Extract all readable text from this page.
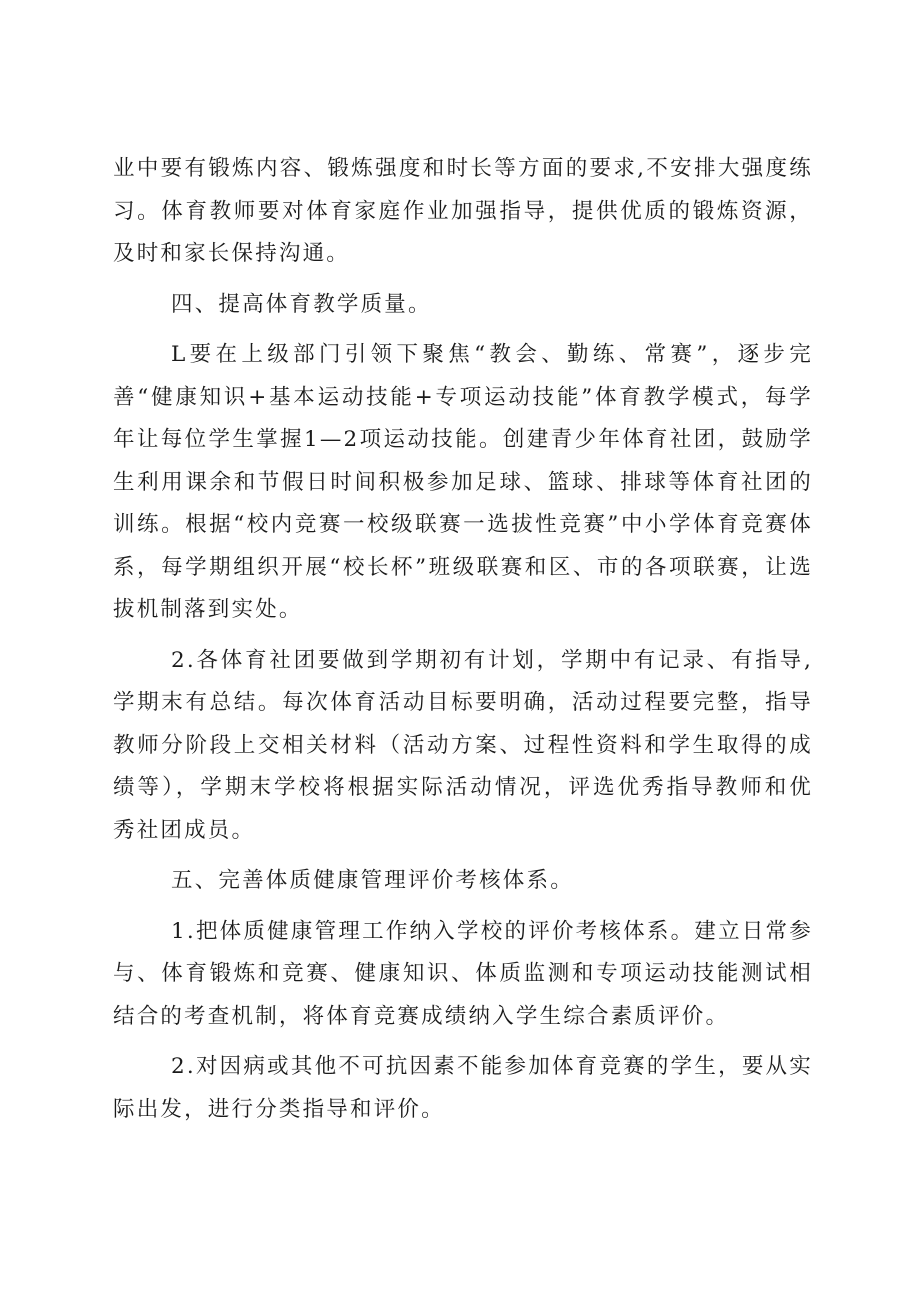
业中要有锻炼内容、锻炼强度和时长等方面的要求,不安排大强度练习。体育教师要对体育家庭作业加强指导，提供优质的锻炼资源，及时和家长保持沟通。

四、提高体育教学质量。

L要在上级部门引领下聚焦“教会、勤练、常赛”，逐步完善“健康知识+基本运动技能+专项运动技能”体育教学模式，每学年让每位学生掌握1—2项运动技能。创建青少年体育社团，鼓励学生利用课余和节假日时间积极参加足球、篮球、排球等体育社团的训练。根据“校内竞赛一校级联赛一选拔性竞赛”中小学体育竞赛体系，每学期组织开展“校长杯”班级联赛和区、市的各项联赛，让选拔机制落到实处。

2.各体育社团要做到学期初有计划，学期中有记录、有指导,学期末有总结。每次体育活动目标要明确，活动过程要完整，指导教师分阶段上交相关材料（活动方案、过程性资料和学生取得的成绩等），学期末学校将根据实际活动情况，评选优秀指导教师和优秀社团成员。

五、完善体质健康管理评价考核体系。

1.把体质健康管理工作纳入学校的评价考核体系。建立日常参与、体育锻炼和竞赛、健康知识、体质监测和专项运动技能测试相结合的考查机制，将体育竞赛成绩纳入学生综合素质评价。

2.对因病或其他不可抗因素不能参加体育竞赛的学生，要从实际出发，进行分类指导和评价。
